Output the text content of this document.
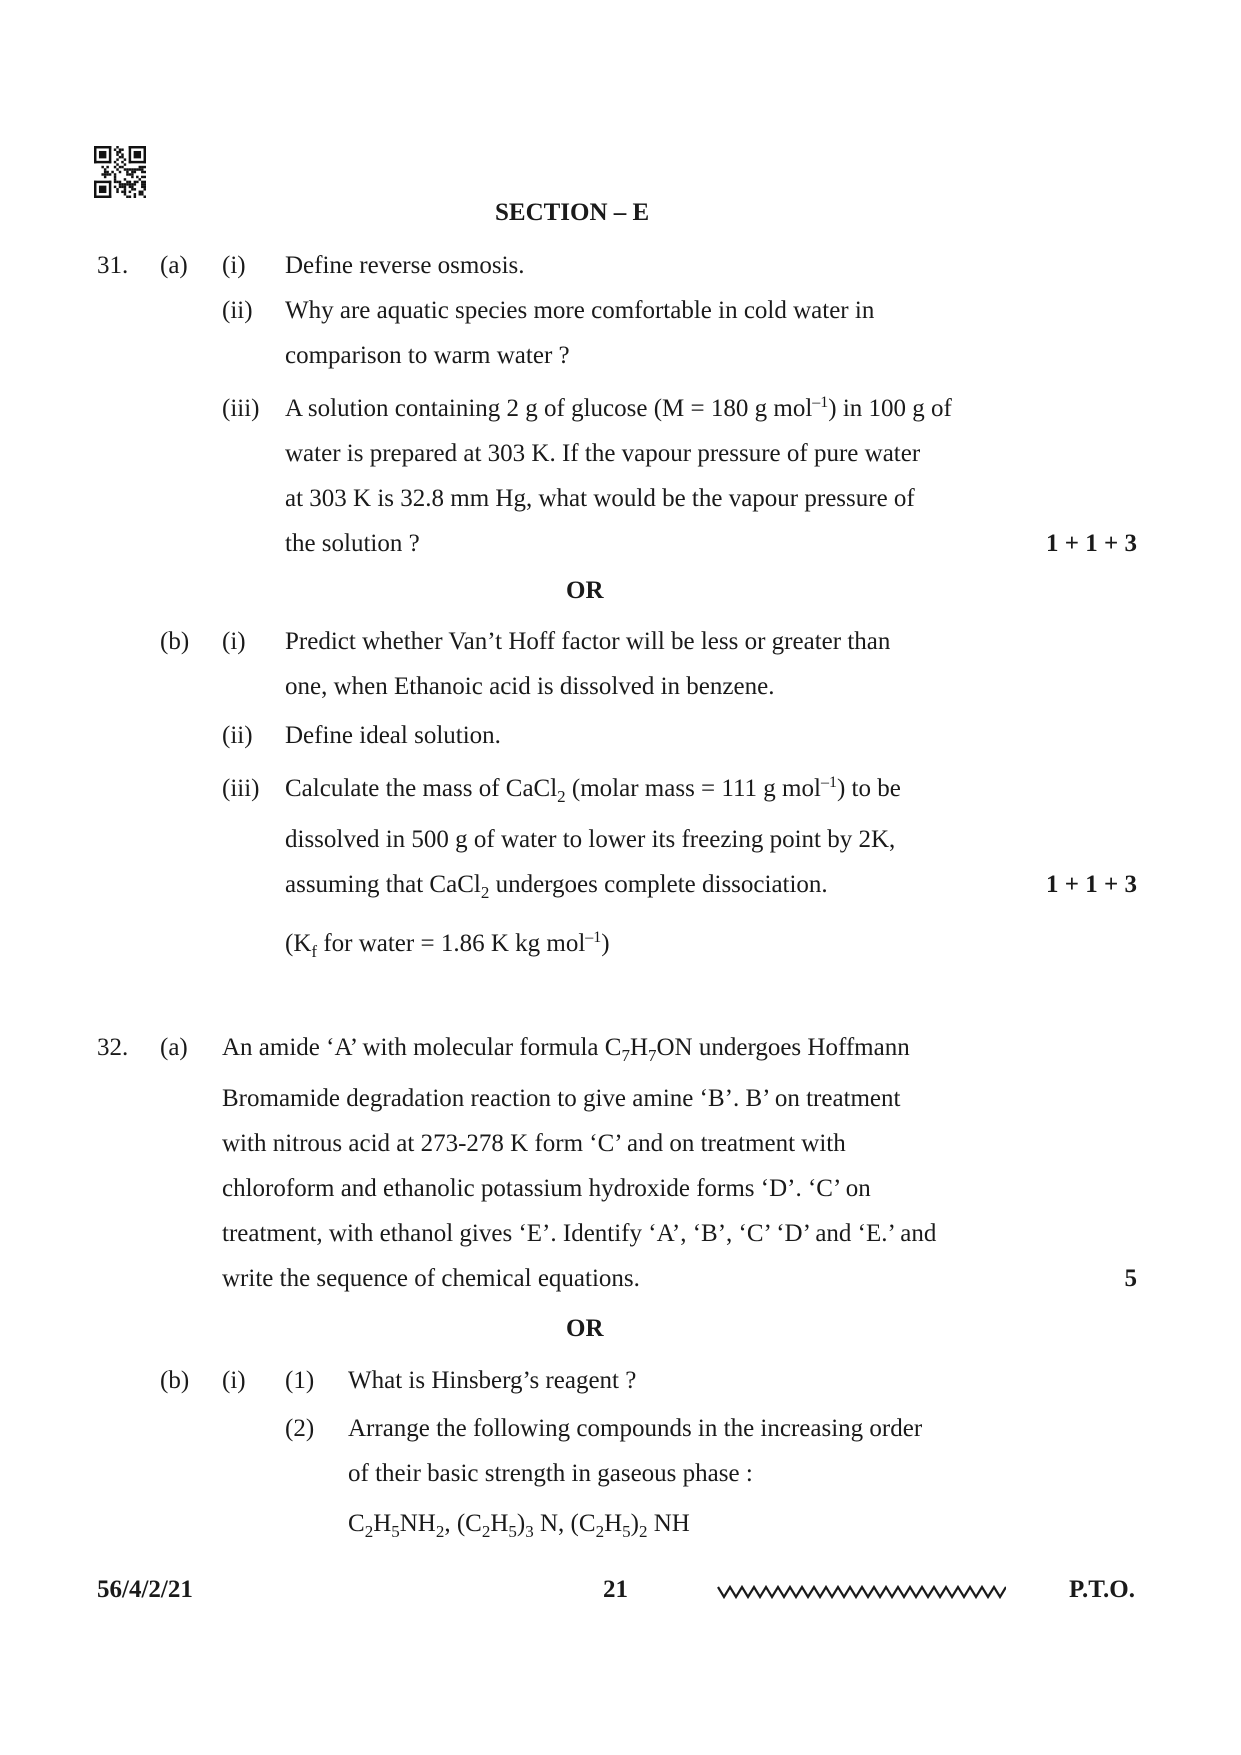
SECTION – E
31. (a) (i) Define reverse osmosis.
(ii) Why are aquatic species more comfortable in cold water in
comparison to warm water ?
(iii) A solution containing 2 g of glucose (M = 180 g mol$^{-1}$) in 100 g of
water is prepared at 303 K. If the vapour pressure of pure water
at 303 K is 32.8 mm Hg, what would be the vapour pressure of
the solution ?	1 + 1 + 3
OR
(b) (i) Predict whether Van’t Hoff factor will be less or greater than
one, when Ethanoic acid is dissolved in benzene.
(ii) Define ideal solution.
(iii) Calculate the mass of CaCl$_2$ (molar mass = 111 g mol$^{-1}$) to be
dissolved in 500 g of water to lower its freezing point by 2K,
assuming that CaCl$_2$ undergoes complete dissociation.	1 + 1 + 3
($K_f$ for water = 1.86 K kg mol$^{-1}$)
32. (a) An amide ‘A’ with molecular formula $C_7H_7ON$ undergoes Hoffmann
Bromamide degradation reaction to give amine ‘B’. B’ on treatment
with nitrous acid at 273-278 K form ‘C’ and on treatment with
chloroform and ethanolic potassium hydroxide forms ‘D’. ‘C’ on
treatment, with ethanol gives ‘E’. Identify ‘A’, ‘B’, ‘C’ ‘D’ and ‘E.’ and
write the sequence of chemical equations.	5
OR
(b) (i) (1) What is Hinsberg’s reagent ?
(2) Arrange the following compounds in the increasing order
of their basic strength in gaseous phase :
$C_2H_5NH_2$, $(C_2H_5)_3$ N, $(C_2H_5)_2$ NH
56/4/2/21	21	P.T.O.
